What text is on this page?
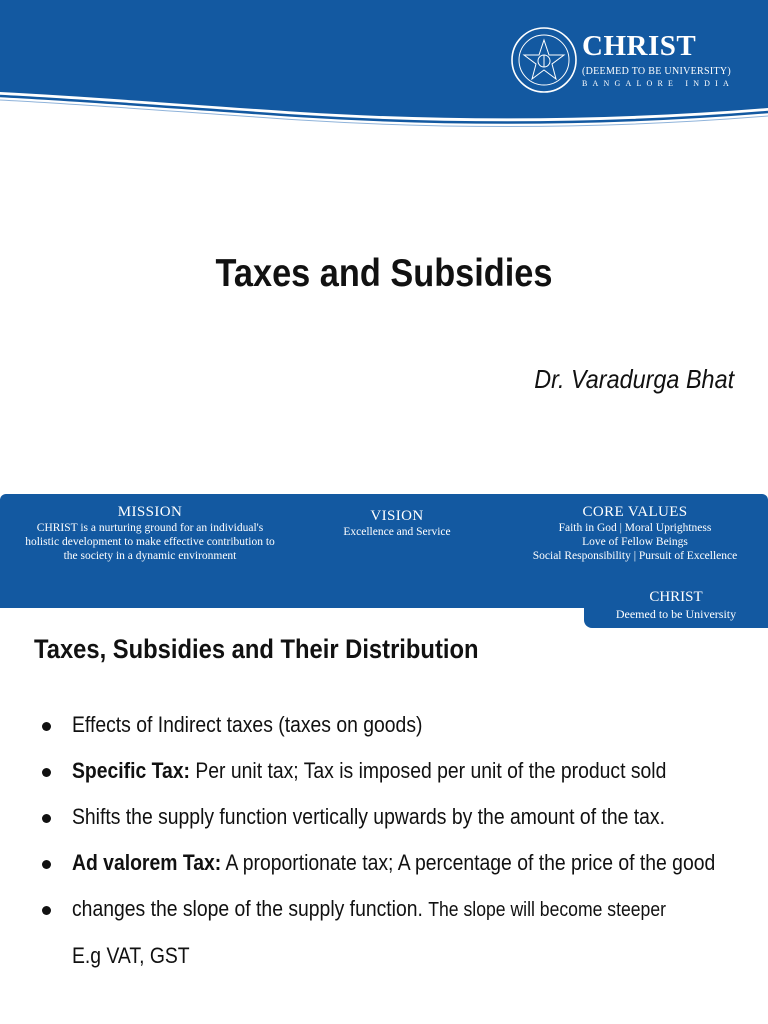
CHRIST
(DEEMED TO BE UNIVERSITY)
BANGALORE INDIA
Taxes and Subsidies
Dr. Varadurga Bhat
MISSION
CHRIST is a nurturing ground for an individual's
holistic development to make effective contribution to
the society in a dynamic environment
VISION
Excellence and Service
CORE VALUES
Faith in God | Moral Uprightness
Love of Fellow Beings
Social Responsibility | Pursuit of Excellence
CHRIST
Deemed to be University
Taxes, Subsidies and Their Distribution
Effects of Indirect taxes (taxes on goods)
Specific Tax: Per unit tax; Tax is imposed per unit of the product sold
Shifts the supply function vertically upwards by the amount of the tax.
Ad valorem Tax: A proportionate tax; A percentage of the price of the good
changes the slope of the supply function. The slope will become steeper
E.g VAT, GST
